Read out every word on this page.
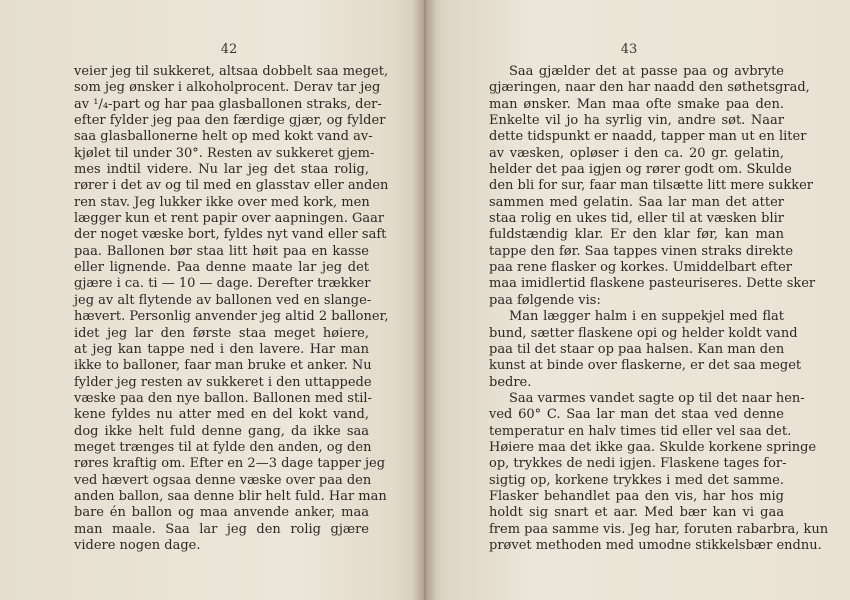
42
veier jeg til sukkeret, altsaa dobbelt saa meget,
som jeg ønsker i alkoholprocent. Derav tar jeg
av ¹/₄-part og har paa glasballonen straks, der-
efter fylder jeg paa den færdige gjær, og fylder
saa glasballonerne helt op med kokt vand av-
kjølet til under 30°. Resten av sukkeret gjem-
mes indtil videre. Nu lar jeg det staa rolig,
rører i det av og til med en glasstav eller anden
ren stav. Jeg lukker ikke over med kork, men
lægger kun et rent papir over aapningen. Gaar
der noget væske bort, fyldes nyt vand eller saft
paa. Ballonen bør staa litt høit paa en kasse
eller lignende. Paa denne maate lar jeg det
gjære i ca. ti — 10 — dage. Derefter trækker
jeg av alt flytende av ballonen ved en slange-
hævert. Personlig anvender jeg altid 2 balloner,
idet jeg lar den første staa meget høiere,
at jeg kan tappe ned i den lavere. Har man
ikke to balloner, faar man bruke et anker. Nu
fylder jeg resten av sukkeret i den uttappede
væske paa den nye ballon. Ballonen med stil-
kene fyldes nu atter med en del kokt vand,
dog ikke helt fuld denne gang, da ikke saa
meget trænges til at fylde den anden, og den
røres kraftig om. Efter en 2—3 dage tapper jeg
ved hævert ogsaa denne væske over paa den
anden ballon, saa denne blir helt fuld. Har man
bare én ballon og maa anvende anker, maa
man maale. Saa lar jeg den rolig gjære
videre nogen dage.
43
Saa gjælder det at passe paa og avbryte
gjæringen, naar den har naadd den søthetsgrad,
man ønsker. Man maa ofte smake paa den.
Enkelte vil jo ha syrlig vin, andre søt. Naar
dette tidspunkt er naadd, tapper man ut en liter
av væsken, opløser i den ca. 20 gr. gelatin,
helder det paa igjen og rører godt om. Skulde
den bli for sur, faar man tilsætte litt mere sukker
sammen med gelatin. Saa lar man det atter
staa rolig en ukes tid, eller til at væsken blir
fuldstændig klar. Er den klar før, kan man
tappe den før. Saa tappes vinen straks direkte
paa rene flasker og korkes. Umiddelbart efter
maa imidlertid flaskene pasteuriseres. Dette sker
paa følgende vis:
Man lægger halm i en suppekjel med flat
bund, sætter flaskene opi og helder koldt vand
paa til det staar op paa halsen. Kan man den
kunst at binde over flaskerne, er det saa meget
bedre.
Saa varmes vandet sagte op til det naar hen-
ved 60° C. Saa lar man det staa ved denne
temperatur en halv times tid eller vel saa det.
Høiere maa det ikke gaa. Skulde korkene springe
op, trykkes de nedi igjen. Flaskene tages for-
sigtig op, korkene trykkes i med det samme.
Flasker behandlet paa den vis, har hos mig
holdt sig snart et aar. Med bær kan vi gaa
frem paa samme vis. Jeg har, foruten rabarbra, kun
prøvet methoden med umodne stikkelsbær endnu.
